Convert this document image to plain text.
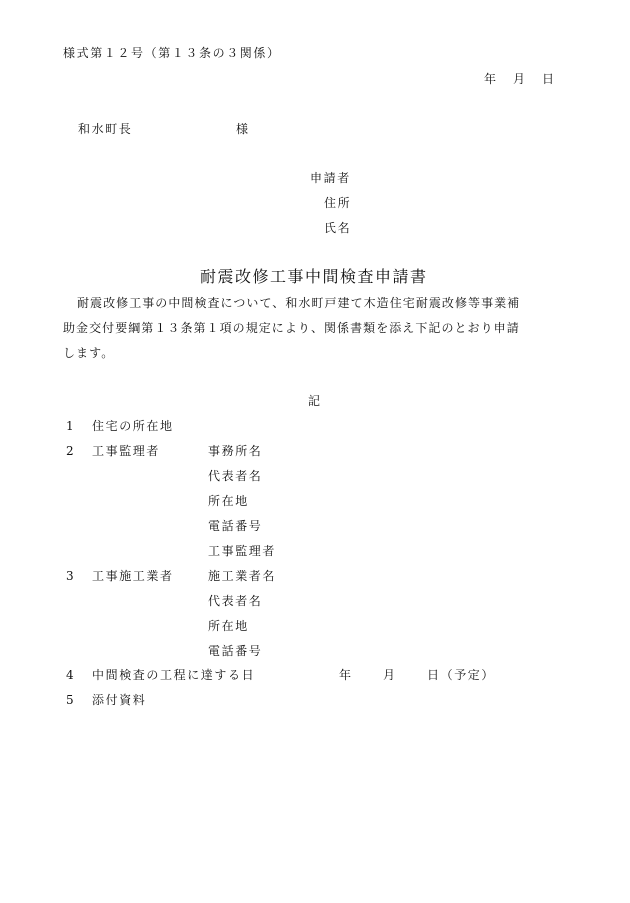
様式第１２号（第１３条の３関係）
年 月 日
和水町長	様
申請者
住所
氏名
耐震改修工事中間検査申請書
耐震改修工事の中間検査について、和水町戸建て木造住宅耐震改修等事業補
助金交付要綱第１３条第１項の規定により、関係書類を添え下記のとおり申請
します。
記
1 住宅の所在地
2 工事監理者	事務所名
代表者名
所在地
電話番号
工事監理者
3 工事施工業者	施工業者名
代表者名
所在地
電話番号
4 中間検査の工程に達する日	年	月	日（予定）
5 添付資料
